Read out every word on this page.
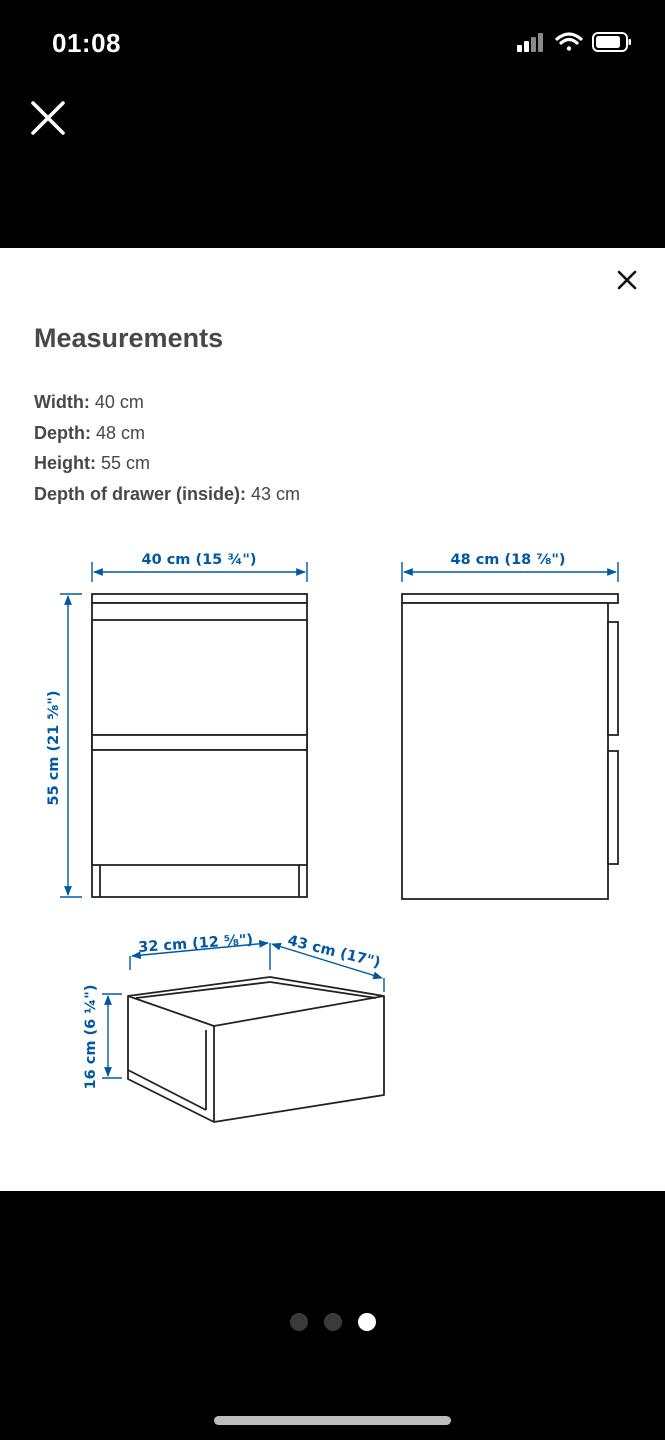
01:08
Measurements
Width: 40 cm
Depth: 48 cm
Height: 55 cm
Depth of drawer (inside): 43 cm
40 cm (15 ¾")	48 cm (18 ⅞")
55 cm (21 ⅝")
32 cm (12 ⅝") 43 cm (17")
16 cm (6 ¼")
